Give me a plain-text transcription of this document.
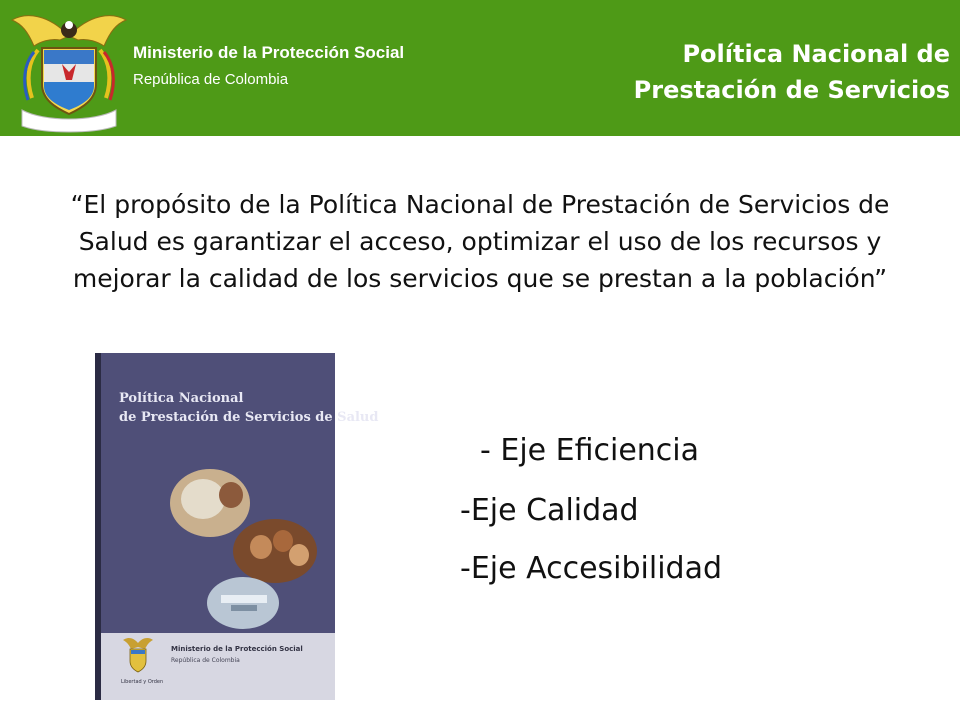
Ministerio de la Protección Social
República de Colombia
Política Nacional de
Prestación de Servicios
“El propósito de la Política Nacional de Prestación de Servicios de Salud es garantizar el acceso, optimizar el uso de los recursos y mejorar la calidad de los servicios que se prestan a la población”
Política Nacional
de Prestación de Servicios de Salud
Ministerio de la Protección Social
República de Colombia
Libertad y Orden
- Eje Eficiencia
-Eje Calidad
-Eje Accesibilidad
